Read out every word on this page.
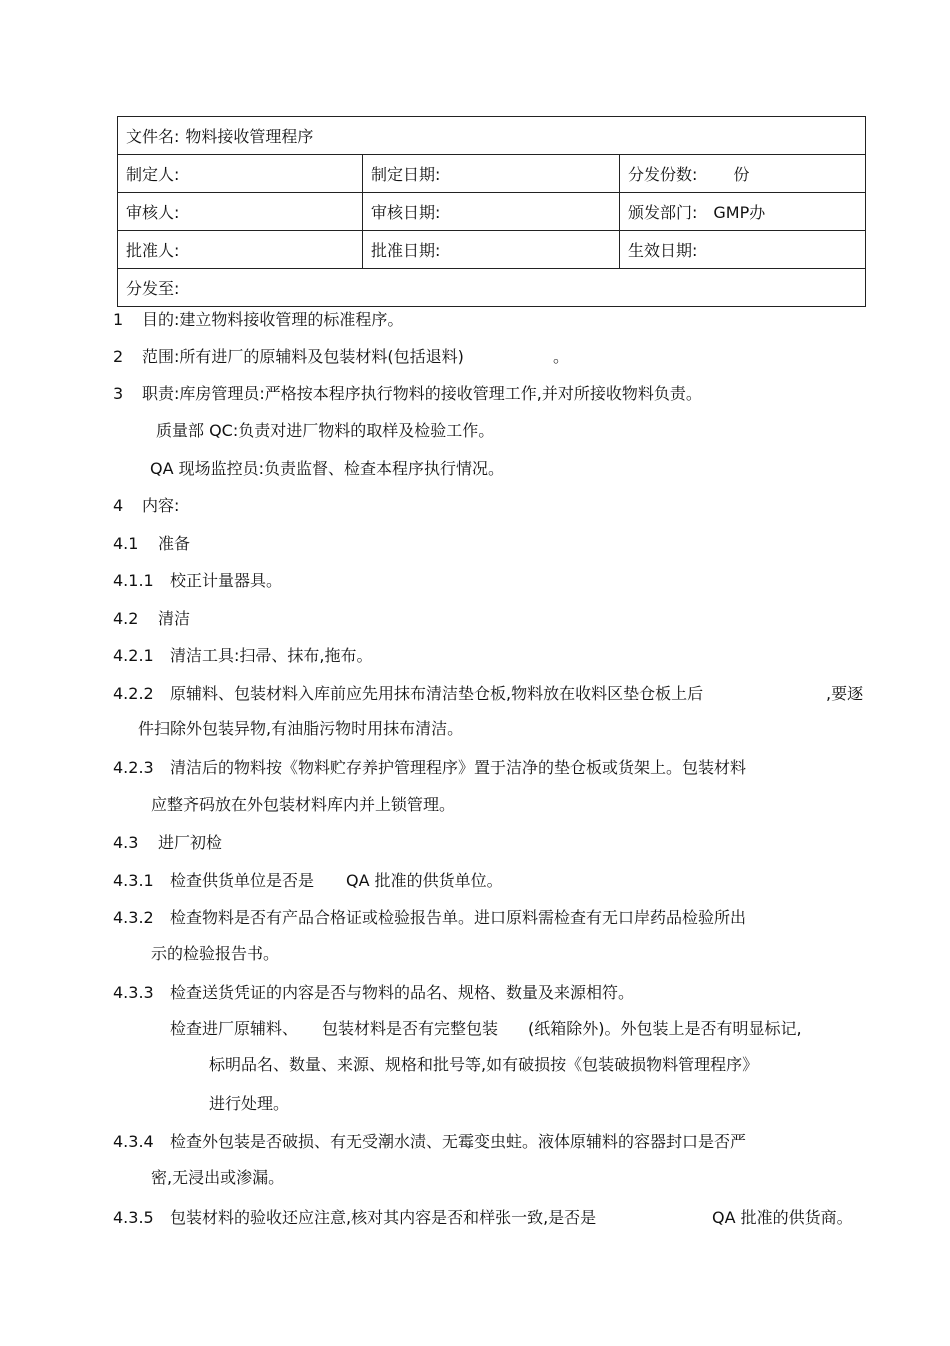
文件名: 物料接收管理程序		
制定人:	制定日期:	分发份数: 份
审核人:	审核日期:	颁发部门: GMP办
批准人:	批准日期:	生效日期:
分发至:		
1 目的:建立物料接收管理的标准程序。
2 范围:所有进厂的原辅料及包装材料(包括退料)	。
3 职责:库房管理员:严格按本程序执行物料的接收管理工作,并对所接收物料负责。
质量部 QC:负责对进厂物料的取样及检验工作。
QA 现场监控员:负责监督、检查本程序执行情况。
4 内容:
4.1 准备
4.1.1 校正计量器具。
4.2 清洁
4.2.1 清洁工具:扫帚、抹布,拖布。
4.2.2 原辅料、包装材料入库前应先用抹布清洁垫仓板,物料放在收料区垫仓板上后	,要逐
件扫除外包装异物,有油脂污物时用抹布清洁。
4.2.3 清洁后的物料按《物料贮存养护管理程序》置于洁净的垫仓板或货架上。包装材料
应整齐码放在外包装材料库内并上锁管理。
4.3 进厂初检
4.3.1 检查供货单位是否是 QA 批准的供货单位。
4.3.2 检查物料是否有产品合格证或检验报告单。进口原料需检查有无口岸药品检验所出
示的检验报告书。
4.3.3 检查送货凭证的内容是否与物料的品名、规格、数量及来源相符。
检查进厂原辅料、 包装材料是否有完整包装 (纸箱除外)。外包装上是否有明显标记,
标明品名、数量、来源、规格和批号等,如有破损按《包装破损物料管理程序》
进行处理。
4.3.4 检查外包装是否破损、有无受潮水渍、无霉变虫蛀。液体原辅料的容器封口是否严
密,无浸出或渗漏。
4.3.5 包装材料的验收还应注意,核对其内容是否和样张一致,是否是	QA 批准的供货商。
